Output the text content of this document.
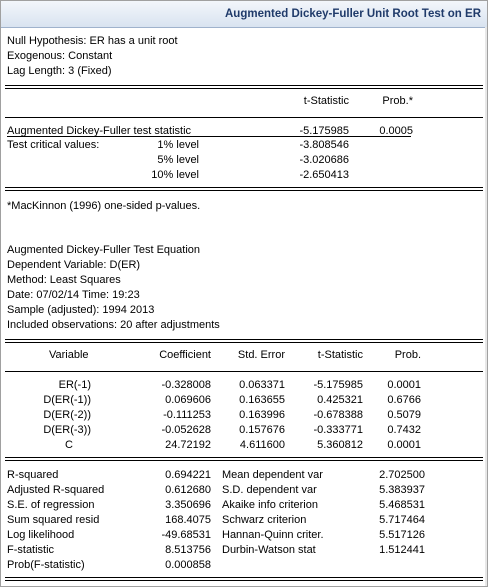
Augmented Dickey-Fuller Unit Root Test on ER
Null Hypothesis: ER has a unit root
Exogenous: Constant
Lag Length: 3 (Fixed)
t-Statistic	Prob.*
Augmented Dickey-Fuller test statistic	-5.175985	0.0005
Test critical values:	1% level	-3.808546
5% level	-3.020686
10% level	-2.650413
*MacKinnon (1996) one-sided p-values.
Augmented Dickey-Fuller Test Equation
Dependent Variable: D(ER)
Method: Least Squares
Date: 07/02/14 Time: 19:23
Sample (adjusted): 1994 2013
Included observations: 20 after adjustments
Variable	Coefficient	Std. Error	t-Statistic	Prob.
ER(-1)	-0.328008	0.063371	-5.175985	0.0001
D(ER(-1))	0.069606	0.163655	0.425321	0.6766
D(ER(-2))	-0.111253	0.163996	-0.678388	0.5079
D(ER(-3))	-0.052628	0.157676	-0.333771	0.7432
C	24.72192	4.611600	5.360812	0.0001
R-squared	0.694221 Mean dependent var	2.702500
Adjusted R-squared	0.612680 S.D. dependent var	5.383937
S.E. of regression	3.350696 Akaike info criterion	5.468531
Sum squared resid	168.4075 Schwarz criterion	5.717464
Log likelihood	-49.68531 Hannan-Quinn criter.	5.517126
F-statistic	8.513756 Durbin-Watson stat	1.512441
Prob(F-statistic)	0.000858
